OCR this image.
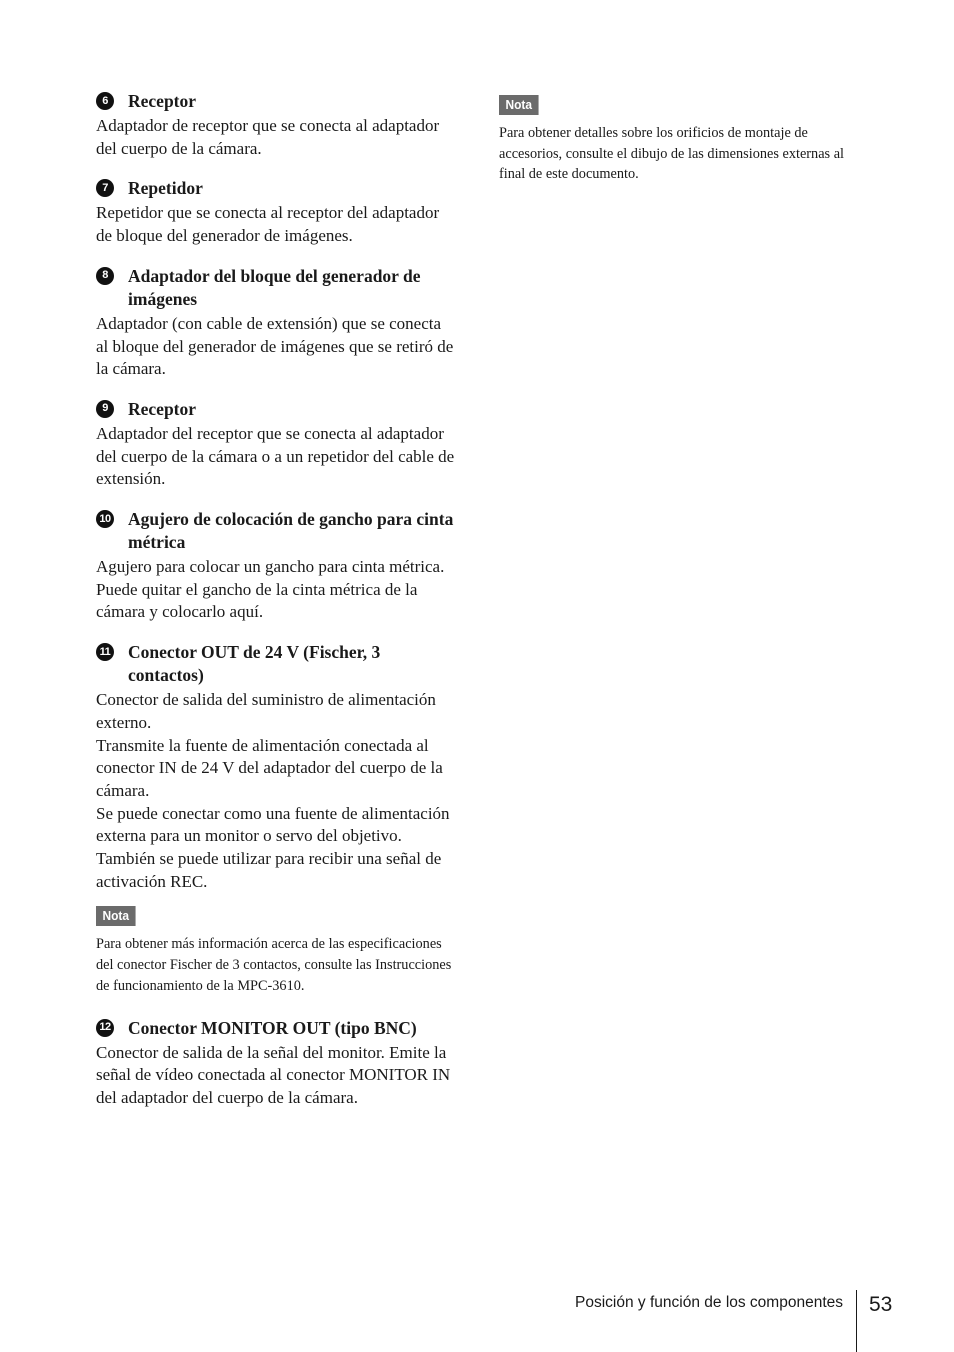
6	Receptor

Adaptador de receptor que se conecta al adaptador del cuerpo de la cámara.

7	Repetidor

Repetidor que se conecta al receptor del adaptador de bloque del generador de imágenes.

8	Adaptador del bloque del generador de imágenes

Adaptador (con cable de extensión) que se conecta al bloque del generador de imágenes que se retiró de la cámara.

9	Receptor

Adaptador del receptor que se conecta al adaptador del cuerpo de la cámara o a un repetidor del cable de extensión.

10 Agujero de colocación de gancho para cinta métrica

Agujero para colocar un gancho para cinta métrica.

Puede quitar el gancho de la cinta métrica de la cámara y colocarlo aquí.

11 Conector OUT de 24 V (Fischer, 3 contactos)

Conector de salida del suministro de alimentación externo.

Transmite la fuente de alimentación conectada al conector IN de 24 V del adaptador del cuerpo de la cámara.

Se puede conectar como una fuente de alimentación externa para un monitor o servo del objetivo. También se puede utilizar para recibir una señal de activación REC.

Nota

Para obtener más información acerca de las especificaciones del conector Fischer de 3 contactos, consulte las Instrucciones de funcionamiento de la MPC-3610.

12 Conector MONITOR OUT (tipo BNC)

Conector de salida de la señal del monitor. Emite la señal de vídeo conectada al conector MONITOR IN del adaptador del cuerpo de la cámara.

Nota

Para obtener detalles sobre los orificios de montaje de accesorios, consulte el dibujo de las dimensiones externas al final de este documento.

Posición y función de los componentes 53
